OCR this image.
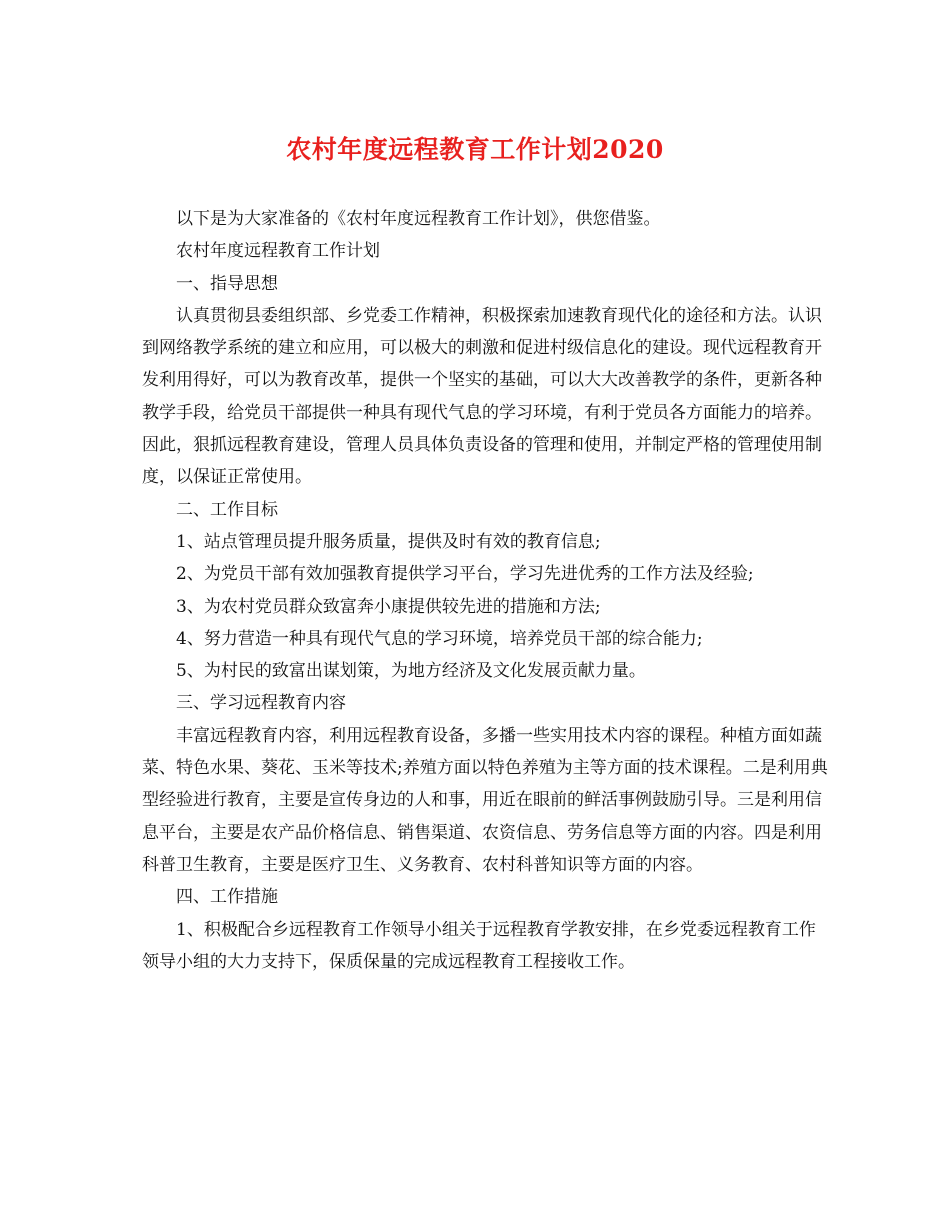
农村年度远程教育工作计划2020

以下是为大家准备的《农村年度远程教育工作计划》，供您借鉴。

农村年度远程教育工作计划

一、指导思想

认真贯彻县委组织部、乡党委工作精神，积极探索加速教育现代化的途径和方法。认识到网络教学系统的建立和应用，可以极大的刺激和促进村级信息化的建设。现代远程教育开发利用得好，可以为教育改革，提供一个坚实的基础，可以大大改善教学的条件，更新各种教学手段，给党员干部提供一种具有现代气息的学习环境，有利于党员各方面能力的培养。因此，狠抓远程教育建设，管理人员具体负责设备的管理和使用，并制定严格的管理使用制度，以保证正常使用。

二、工作目标

1、站点管理员提升服务质量，提供及时有效的教育信息;

2、为党员干部有效加强教育提供学习平台，学习先进优秀的工作方法及经验;

3、为农村党员群众致富奔小康提供较先进的措施和方法;

4、努力营造一种具有现代气息的学习环境，培养党员干部的综合能力;

5、为村民的致富出谋划策，为地方经济及文化发展贡献力量。

三、学习远程教育内容

丰富远程教育内容，利用远程教育设备，多播一些实用技术内容的课程。种植方面如蔬菜、特色水果、葵花、玉米等技术;养殖方面以特色养殖为主等方面的技术课程。二是利用典型经验进行教育，主要是宣传身边的人和事，用近在眼前的鲜活事例鼓励引导。三是利用信息平台，主要是农产品价格信息、销售渠道、农资信息、劳务信息等方面的内容。四是利用科普卫生教育，主要是医疗卫生、义务教育、农村科普知识等方面的内容。

四、工作措施

1、积极配合乡远程教育工作领导小组关于远程教育学教安排，在乡党委远程教育工作领导小组的大力支持下，保质保量的完成远程教育工程接收工作。
